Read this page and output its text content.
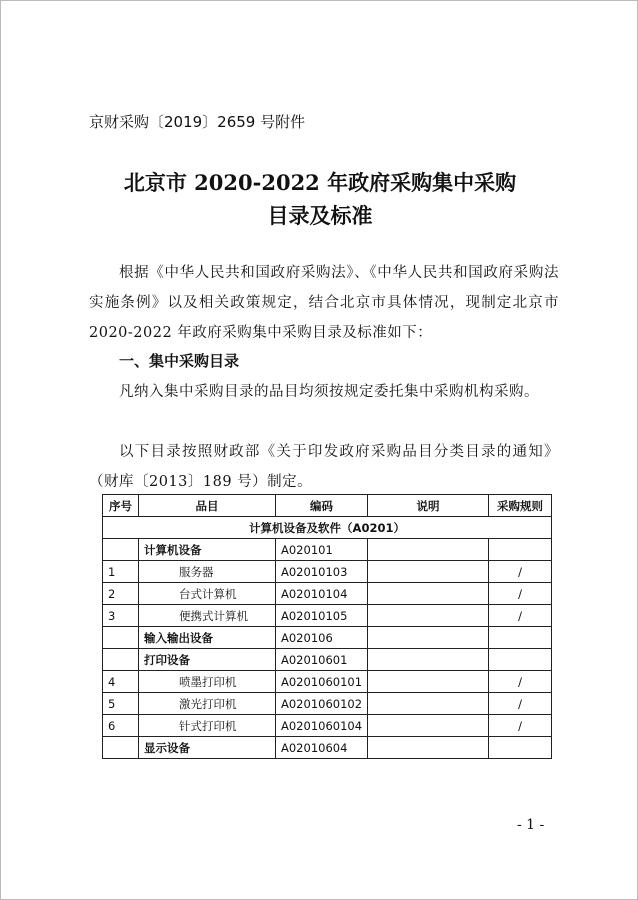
京财采购〔2019〕2659 号附件
北京市 2020-2022 年政府采购集中采购
目录及标准
根据《中华人民共和国政府采购法》、《中华人民共和国政府采购法实施条例》以及相关政策规定，结合北京市具体情况，现制定北京市 2020-2022 年政府采购集中采购目录及标准如下：
一、集中采购目录
凡纳入集中采购目录的品目均须按规定委托集中采购机构采购。
以下目录按照财政部《关于印发政府采购品目分类目录的通知》（财库〔2013〕189 号）制定。
序号	品目	编码	说明	采购规则
计算机设备及软件（A0201）				
	计算机设备	A020101		
1	服务器	A02010103		/
2	台式计算机	A02010104		/
3	便携式计算机	A02010105		/
	输入输出设备	A020106		
	打印设备	A02010601		
4	喷墨打印机	A0201060101		/
5	激光打印机	A0201060102		/
6	针式打印机	A0201060104		/
	显示设备	A02010604		
- 1 -
